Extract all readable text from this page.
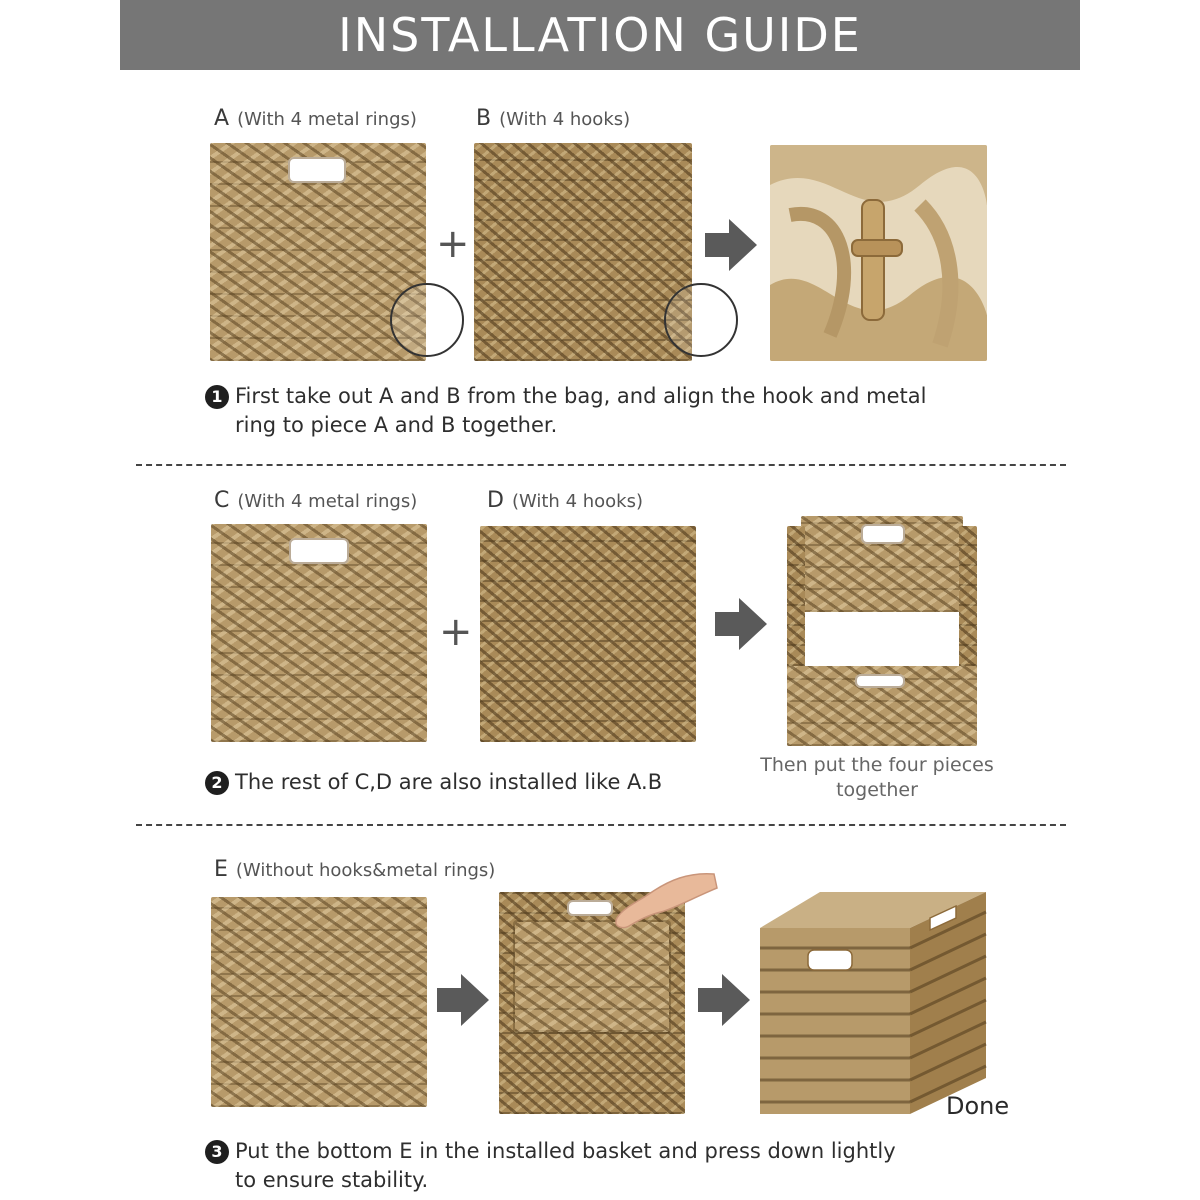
INSTALLATION GUIDE
A (With 4 metal rings)	B (With 4 hooks)
+
1 First take out A and B from the bag, and align the hook and metal
ring to piece A and B together.
C (With 4 metal rings)	D (With 4 hooks)
+
2 The rest of C,D are also installed like A.B
Then put the four pieces
together
E (Without hooks&metal rings)
Done
3 Put the bottom E in the installed basket and press down lightly
to ensure stability.
